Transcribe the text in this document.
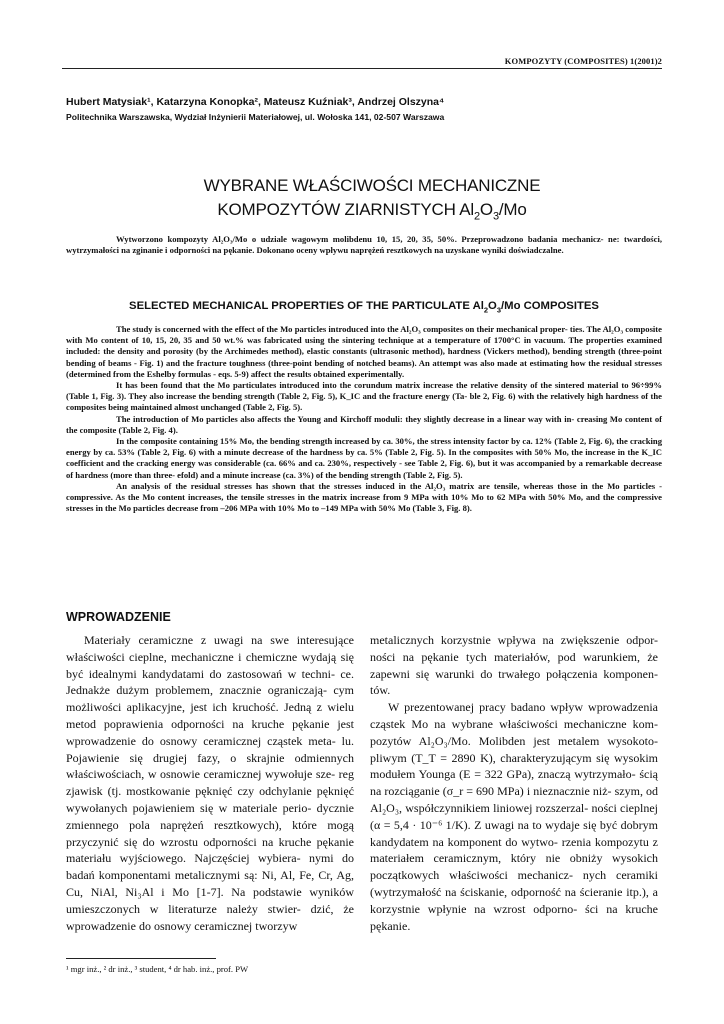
KOMPOZYTY (COMPOSITES) 1(2001)2
Hubert Matysiak¹, Katarzyna Konopka², Mateusz Kuźniak³, Andrzej Olszyna⁴
Politechnika Warszawska, Wydział Inżynierii Materiałowej, ul. Wołoska 141, 02-507 Warszawa
WYBRANE WŁAŚCIWOŚCI MECHANICZNE
KOMPOZYTÓW ZIARNISTYCH $Al_2O_3/Mo$
Wytworzono kompozyty Al₂O₃/Mo o udziale wagowym molibdenu 10, 15, 20, 35, 50%. Przeprowadzono badania mechanicz- ne: twardości, wytrzymałości na zginanie i odporności na pękanie. Dokonano oceny wpływu naprężeń resztkowych na uzyskane wyniki doświadczalne.
SELECTED MECHANICAL PROPERTIES OF THE PARTICULATE $Al_2O_3/Mo$ COMPOSITES

The study is concerned with the effect of the Mo particles introduced into the Al₂O₃ composites on their mechanical proper- ties. The Al₂O₃ composite with Mo content of 10, 15, 20, 35 and 50 wt.% was fabricated using the sintering technique at a temperature of 1700°C in vacuum. The properties examined included: the density and porosity (by the Archimedes method), elastic constants (ultrasonic method), hardness (Vickers method), bending strength (three-point bending of beams - Fig. 1) and the fracture toughness (three-point bending of notched beams). An attempt was also made at estimating how the residual stresses (determined from the Eshelby formulas - eqs. 5-9) affect the results obtained experimentally.

It has been found that the Mo particulates introduced into the corundum matrix increase the relative density of the sintered material to 96÷99% (Table 1, Fig. 3). They also increase the bending strength (Table 2, Fig. 5), K_IC and the fracture energy (Ta- ble 2, Fig. 6) with the relatively high hardness of the composites being maintained almost unchanged (Table 2, Fig. 5).

The introduction of Mo particles also affects the Young and Kirchoff moduli: they slightly decrease in a linear way with in- creasing Mo content of the composite (Table 2, Fig. 4).

In the composite containing 15% Mo, the bending strength increased by ca. 30%, the stress intensity factor by ca. 12% (Table 2, Fig. 6), the cracking energy by ca. 53% (Table 2, Fig. 6) with a minute decrease of the hardness by ca. 5% (Table 2, Fig. 5). In the composites with 50% Mo, the increase in the K_IC coefficient and the cracking energy was considerable (ca. 66% and ca. 230%, respectively - see Table 2, Fig. 6), but it was accompanied by a remarkable decrease of hardness (more than three- efold) and a minute increase (ca. 3%) of the bending strength (Table 2, Fig. 5).

An analysis of the residual stresses has shown that the stresses induced in the Al₂O₃ matrix are tensile, whereas those in the Mo particles - compressive. As the Mo content increases, the tensile stresses in the matrix increase from 9 MPa with 10% Mo to 62 MPa with 50% Mo, and the compressive stresses in the Mo particles decrease from –206 MPa with 10% Mo to –149 MPa with 50% Mo (Table 3, Fig. 8).

WPROWADZENIE

Materiały ceramiczne z uwagi na swe interesujące właściwości cieplne, mechaniczne i chemiczne wydają się być idealnymi kandydatami do zastosowań w techni- ce. Jednakże dużym problemem, znacznie ograniczają- cym możliwości aplikacyjne, jest ich kruchość. Jedną z wielu metod poprawienia odporności na kruche pękanie jest wprowadzenie do osnowy ceramicznej cząstek meta- lu. Pojawienie się drugiej fazy, o skrajnie odmiennych właściwościach, w osnowie ceramicznej wywołuje sze- reg zjawisk (tj. mostkowanie pęknięć czy odchylanie pęknięć wywołanych pojawieniem się w materiale perio- dycznie zmiennego pola naprężeń resztkowych), które mogą przyczynić się do wzrostu odporności na kruche pękanie materiału wyjściowego. Najczęściej wybiera- nymi do badań komponentami metalicznymi są: Ni, Al, Fe, Cr, Ag, Cu, NiAl, Ni₃Al i Mo [1-7]. Na podstawie wyników umieszczonych w literaturze należy stwier- dzić, że wprowadzenie do osnowy ceramicznej tworzyw

metalicznych korzystnie wpływa na zwiększenie odpor- ności na pękanie tych materiałów, pod warunkiem, że zapewni się warunki do trwałego połączenia komponen- tów.

W prezentowanej pracy badano wpływ wprowadzenia cząstek Mo na wybrane właściwości mechaniczne kom- pozytów Al₂O₃/Mo. Molibden jest metalem wysokoto- pliwym (T_T = 2890 K), charakteryzującym się wysokim modułem Younga (E = 322 GPa), znaczą wytrzymało- ścią na rozciąganie (σ_r = 690 MPa) i nieznacznie niż- szym, od Al₂O₃, współczynnikiem liniowej rozszerzal- ności cieplnej (α = 5,4 · 10⁻⁶ 1/K). Z uwagi na to wydaje się być dobrym kandydatem na komponent do wytwo- rzenia kompozytu z materiałem ceramicznym, który nie obniży wysokich początkowych właściwości mechanicz- nych ceramiki (wytrzymałość na ściskanie, odporność na ścieranie itp.), a korzystnie wpłynie na wzrost odporno- ści na kruche pękanie.

¹ mgr inż., ² dr inż., ³ student, ⁴ dr hab. inż., prof. PW
